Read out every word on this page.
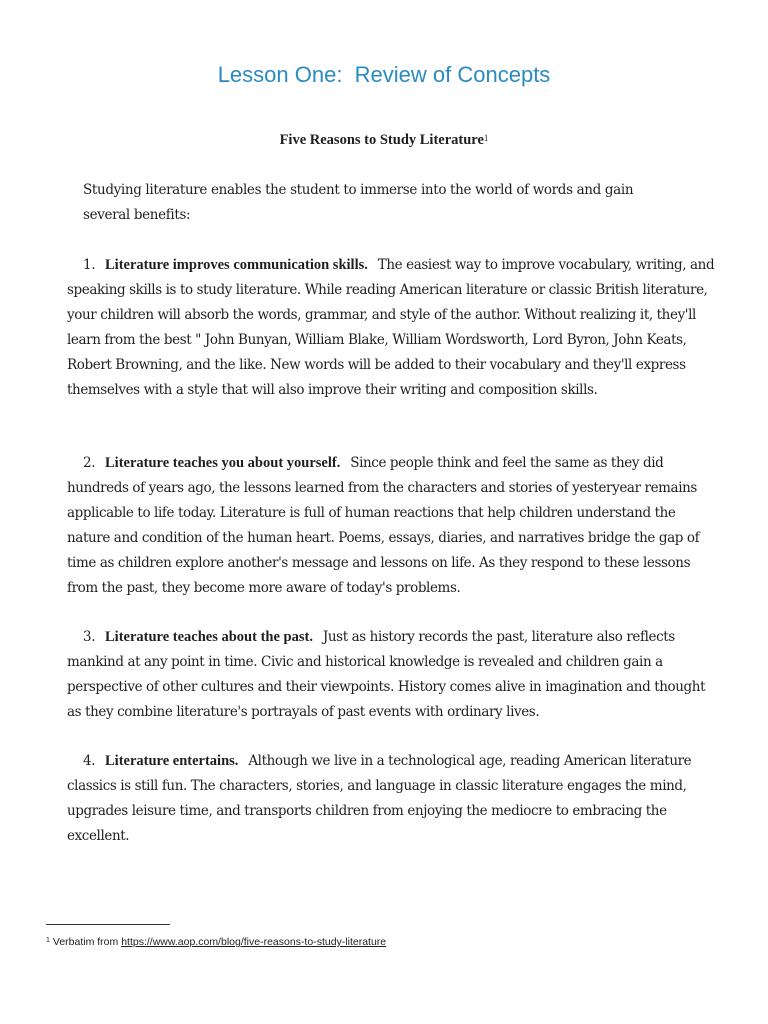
Lesson One:  Review of Concepts
Five Reasons to Study Literature$^1$
Studying literature enables the student to immerse into the world of words and gain several benefits:
1. Literature improves communication skills. The easiest way to improve vocabulary, writing, and speaking skills is to study literature. While reading American literature or classic British literature, your children will absorb the words, grammar, and style of the author. Without realizing it, they'll learn from the best " John Bunyan, William Blake, William Wordsworth, Lord Byron, John Keats, Robert Browning, and the like. New words will be added to their vocabulary and they'll express themselves with a style that will also improve their writing and composition skills.
2. Literature teaches you about yourself. Since people think and feel the same as they did hundreds of years ago, the lessons learned from the characters and stories of yesteryear remains applicable to life today. Literature is full of human reactions that help children understand the nature and condition of the human heart. Poems, essays, diaries, and narratives bridge the gap of time as children explore another's message and lessons on life. As they respond to these lessons from the past, they become more aware of today's problems.
3. Literature teaches about the past. Just as history records the past, literature also reflects mankind at any point in time. Civic and historical knowledge is revealed and children gain a perspective of other cultures and their viewpoints. History comes alive in imagination and thought as they combine literature's portrayals of past events with ordinary lives.
4. Literature entertains. Although we live in a technological age, reading American literature classics is still fun. The characters, stories, and language in classic literature engages the mind, upgrades leisure time, and transports children from enjoying the mediocre to embracing the excellent.
$^1$ Verbatim from https://www.aop.com/blog/five-reasons-to-study-literature
